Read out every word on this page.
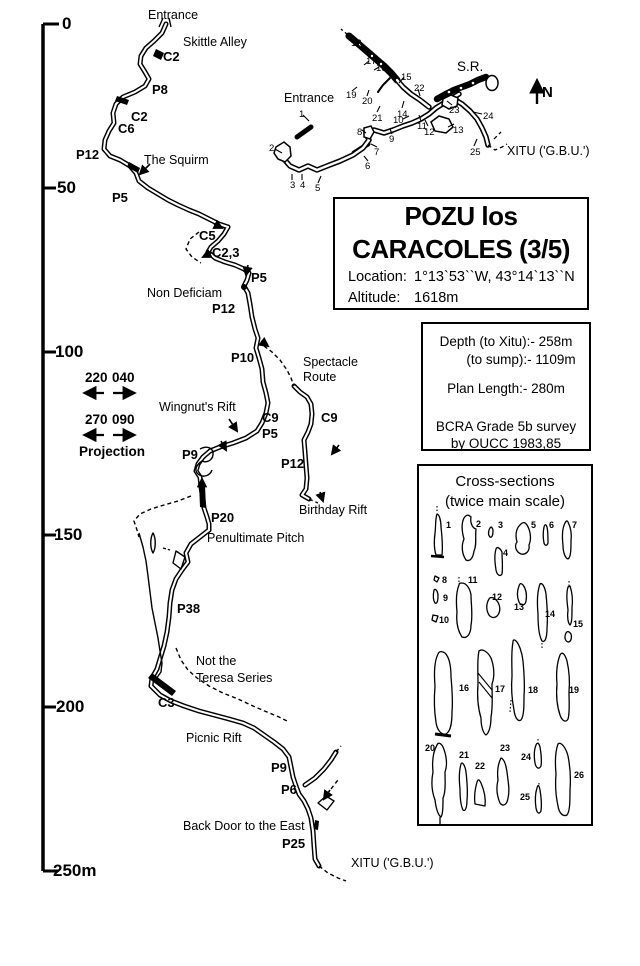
Entrance
Skittle Alley
C2
P8
C2
C6
P12	The Squirm
P5
C5
C2,3
P5
Non Deficiam
P12
P10	Spectacle
Route
Wingnut's Rift
C9
P5
C9
P9
P12
Birthday Rift
P20
Penultimate Pitch
P38
Not the
Teresa Series
C3
Picnic Rift
P9
P6
Back Door to the East
P25
XITU ('G.B.U.')
Entrance
S.R.
N
XITU ('G.B.U.')
1
2
3 4 5
6
7
8
9
10
11
12 13
14
15
16
17
18
19
20
21
22
23
24
25
0
50
100
150
200
250m
1	2 3
4
5 6 7
8
9
10
11
12
13
14
15
16	17	18	19
20
21
22
23
24
25
26
220 040
270 090
Projection
POZU los
CARACOLES (3/5)
Location: 1°13`53``W, 43°14`13``N
Altitude: 1618m

Depth (to Xitu):- 258m

(to sump):- 1109m

Plan Length:- 280m

BCRA Grade 5b survey

by OUCC 1983,85

Cross-sections
(twice main scale)
